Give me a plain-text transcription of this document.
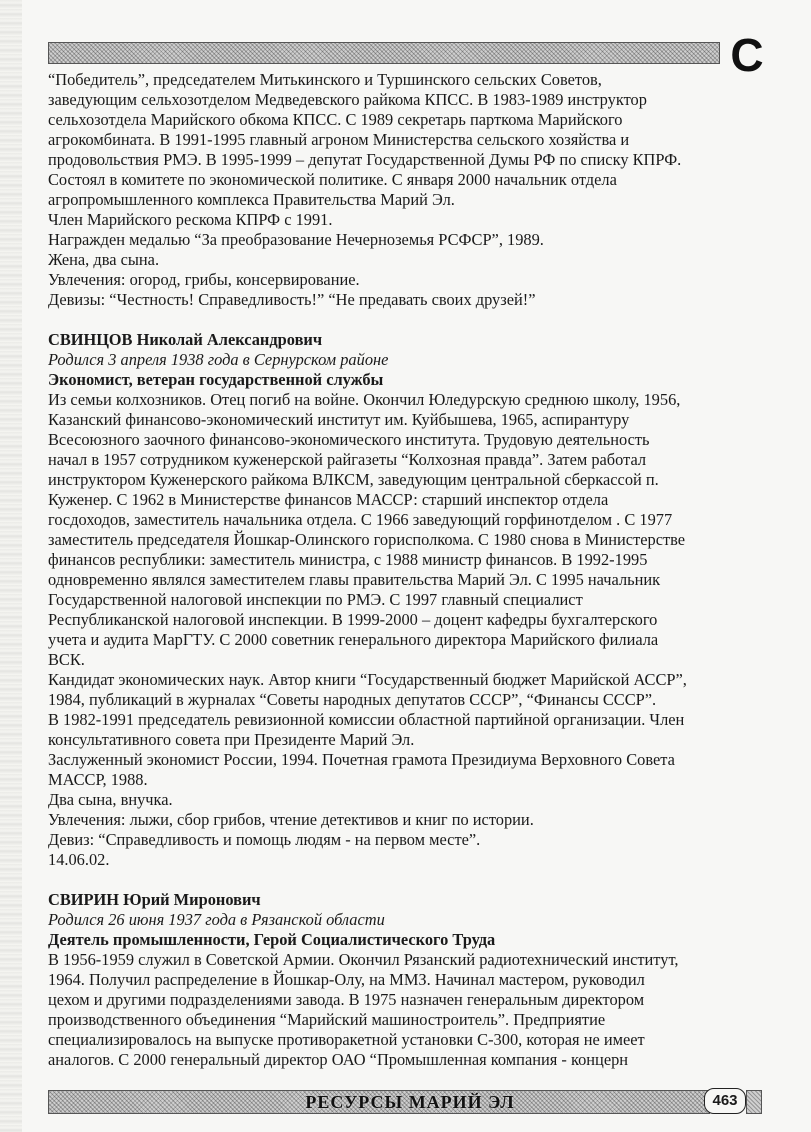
С

“Победитель”, председателем Митькинского и Туршинского сельских Советов,

заведующим сельхозотделом Медведевского райкома КПСС. В 1983-1989 инструктор

сельхозотдела Марийского обкома КПСС. С 1989 секретарь парткома Марийского

агрокомбината. В 1991-1995 главный агроном Министерства сельского хозяйства и

продовольствия РМЭ. В 1995-1999 – депутат Государственной Думы РФ по списку КПРФ.

Состоял в комитете по экономической политике. С января 2000 начальник отдела

агропромышленного комплекса Правительства Марий Эл.

Член Марийского рескома КПРФ с 1991.

Награжден медалью “За преобразование Нечерноземья РСФСР”, 1989.

Жена, два сына.

Увлечения: огород, грибы, консервирование.

Девизы: “Честность! Справедливость!” “Не предавать своих друзей!”

СВИНЦОВ Николай Александрович

Родился 3 апреля 1938 года в Сернурском районе

Экономист, ветеран государственной службы

Из семьи колхозников. Отец погиб на войне. Окончил Юледурскую среднюю школу, 1956,

Казанский финансово-экономический институт им. Куйбышева, 1965, аспирантуру

Всесоюзного заочного финансово-экономического института. Трудовую деятельность

начал в 1957 сотрудником куженерской райгазеты “Колхозная правда”. Затем работал

инструктором Куженерского райкома ВЛКСМ, заведующим центральной сберкассой п.

Куженер. С 1962 в Министерстве финансов МАССР: старший инспектор отдела

госдоходов, заместитель начальника отдела. С 1966 заведующий горфинотделом . С 1977

заместитель председателя Йошкар-Олинского горисполкома. С 1980 снова в Министерстве

финансов республики: заместитель министра, с 1988 министр финансов. В 1992-1995

одновременно являлся заместителем главы правительства Марий Эл. С 1995 начальник

Государственной налоговой инспекции по РМЭ. С 1997 главный специалист

Республиканской налоговой инспекции. В 1999-2000 – доцент кафедры бухгалтерского

учета и аудита МарГТУ. С 2000 советник генерального директора Марийского филиала

ВСК.

Кандидат экономических наук. Автор книги “Государственный бюджет Марийской АССР”,

1984, публикаций в журналах “Советы народных депутатов СССР”, “Финансы СССР”.

В 1982-1991 председатель ревизионной комиссии областной партийной организации. Член

консультативного совета при Президенте Марий Эл.

Заслуженный экономист России, 1994. Почетная грамота Президиума Верховного Совета

МАССР, 1988.

Два сына, внучка.

Увлечения: лыжи, сбор грибов, чтение детективов и книг по истории.

Девиз: “Справедливость и помощь людям - на первом месте”.

14.06.02.

СВИРИН Юрий Миронович

Родился 26 июня 1937 года в Рязанской области

Деятель промышленности, Герой Социалистического Труда

В 1956-1959 служил в Советской Армии. Окончил Рязанский радиотехнический институт,

1964. Получил распределение в Йошкар-Олу, на ММЗ. Начинал мастером, руководил

цехом и другими подразделениями завода. В 1975 назначен генеральным директором

производственного объединения “Марийский машиностроитель”. Предприятие

специализировалось на выпуске противоракетной установки С-300, которая не имеет

аналогов. С 2000 генеральный директор ОАО “Промышленная компания - концерн

РЕСУРСЫ МАРИЙ ЭЛ	463
